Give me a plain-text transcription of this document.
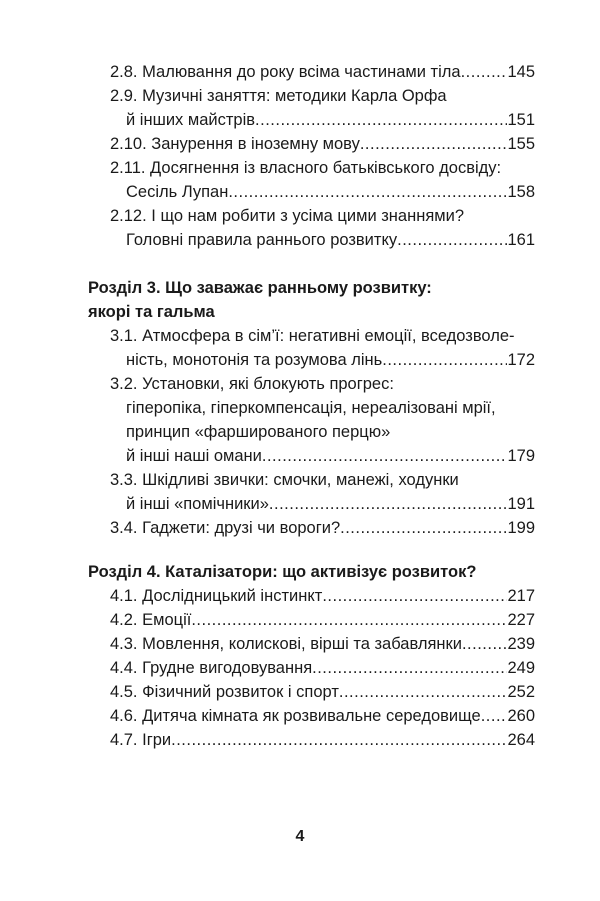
2.8. Малювання до року всіма частинами тіла .....	145
2.9. Музичні заняття: методики Карла Орфа
й інших майстрів .....	151
2.10. Занурення в іноземну мову .....	155
2.11. Досягнення із власного батьківського досвіду:
Сесіль Лупан .....	158
2.12. І що нам робити з усіма цими знаннями?
Головні правила раннього розвитку .....	161
Розділ 3. Що заважає ранньому розвитку:
якорі та гальма
3.1. Атмосфера в сім’ї: негативні емоції, вседозволе-
ність, монотонія та розумова лінь .....	172
3.2. Установки, які блокують прогрес:
гіперопіка, гіперкомпенсація, нереалізовані мрії,
принцип «фаршированого перцю»
й інші наші омани .....	179
3.3. Шкідливі звички: смочки, манежі, ходунки
й інші «помічники» .....	191
3.4. Гаджети: друзі чи вороги? .....	199
Розділ 4. Каталізатори: що активізує розвиток?
4.1. Дослідницький інстинкт .....	217
4.2. Емоції .....	227
4.3. Мовлення, колискові, вірші та забавлянки .....	239
4.4. Грудне вигодовування .....	249
4.5. Фізичний розвиток і спорт .....	252
4.6. Дитяча кімната як розвивальне середовище ..... 260
4.7. Ігри .....	264
4
